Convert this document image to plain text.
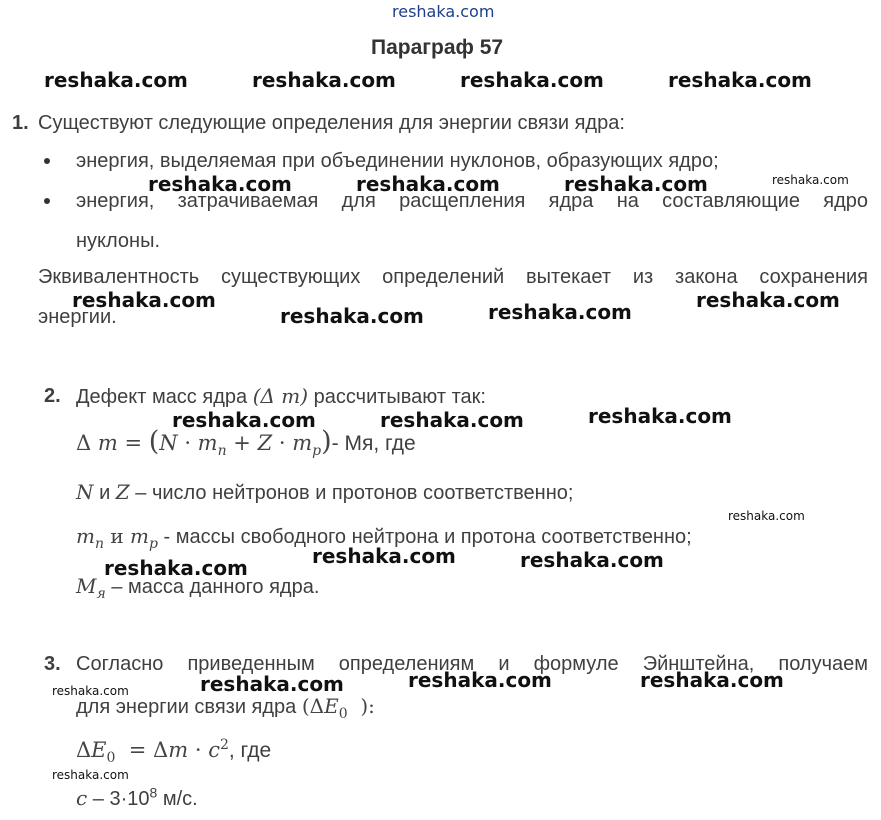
reshaka.com
Параграф 57
reshaka.com	reshaka.com	reshaka.com	reshaka.com
1. Существуют следующие определения для энергии связи ядра:
энергия, выделяемая при объединении нуклонов, образующих ядро;
reshaka.com	reshaka.com	reshaka.com	reshaka.com
энергия, затрачиваемая для расщепления ядра на составляющие ядро
нуклоны.
Эквивалентность существующих определений вытекает из закона сохранения
reshaka.com	reshaka.com
энергии.	reshaka.com	reshaka.com
2. Дефект масс ядра (Δ m) рассчитывают так:
reshaka.com	reshaka.com	reshaka.com
Δ $m = (N \cdot m_n + Z \cdot m_p)-$ Mя, где
N и Z – число нейтронов и протонов соответственно;
reshaka.com
$m_n$ и $m_p$ - массы свободного нейтрона и протона соответственно;
reshaka.com	reshaka.com
reshaka.com
$M_я$ – масса данного ядра.
3. Согласно приведенным определениям и формуле Эйнштейна, получаем
reshaka.com	reshaka.com	reshaka.com	reshaka.com
для энергии связи ядра ($\Delta E_0$  ):
$\Delta E_0 = \Delta m \cdot c^2$, где
reshaka.com
$c - 3\cdot 10^8$ м/с.
